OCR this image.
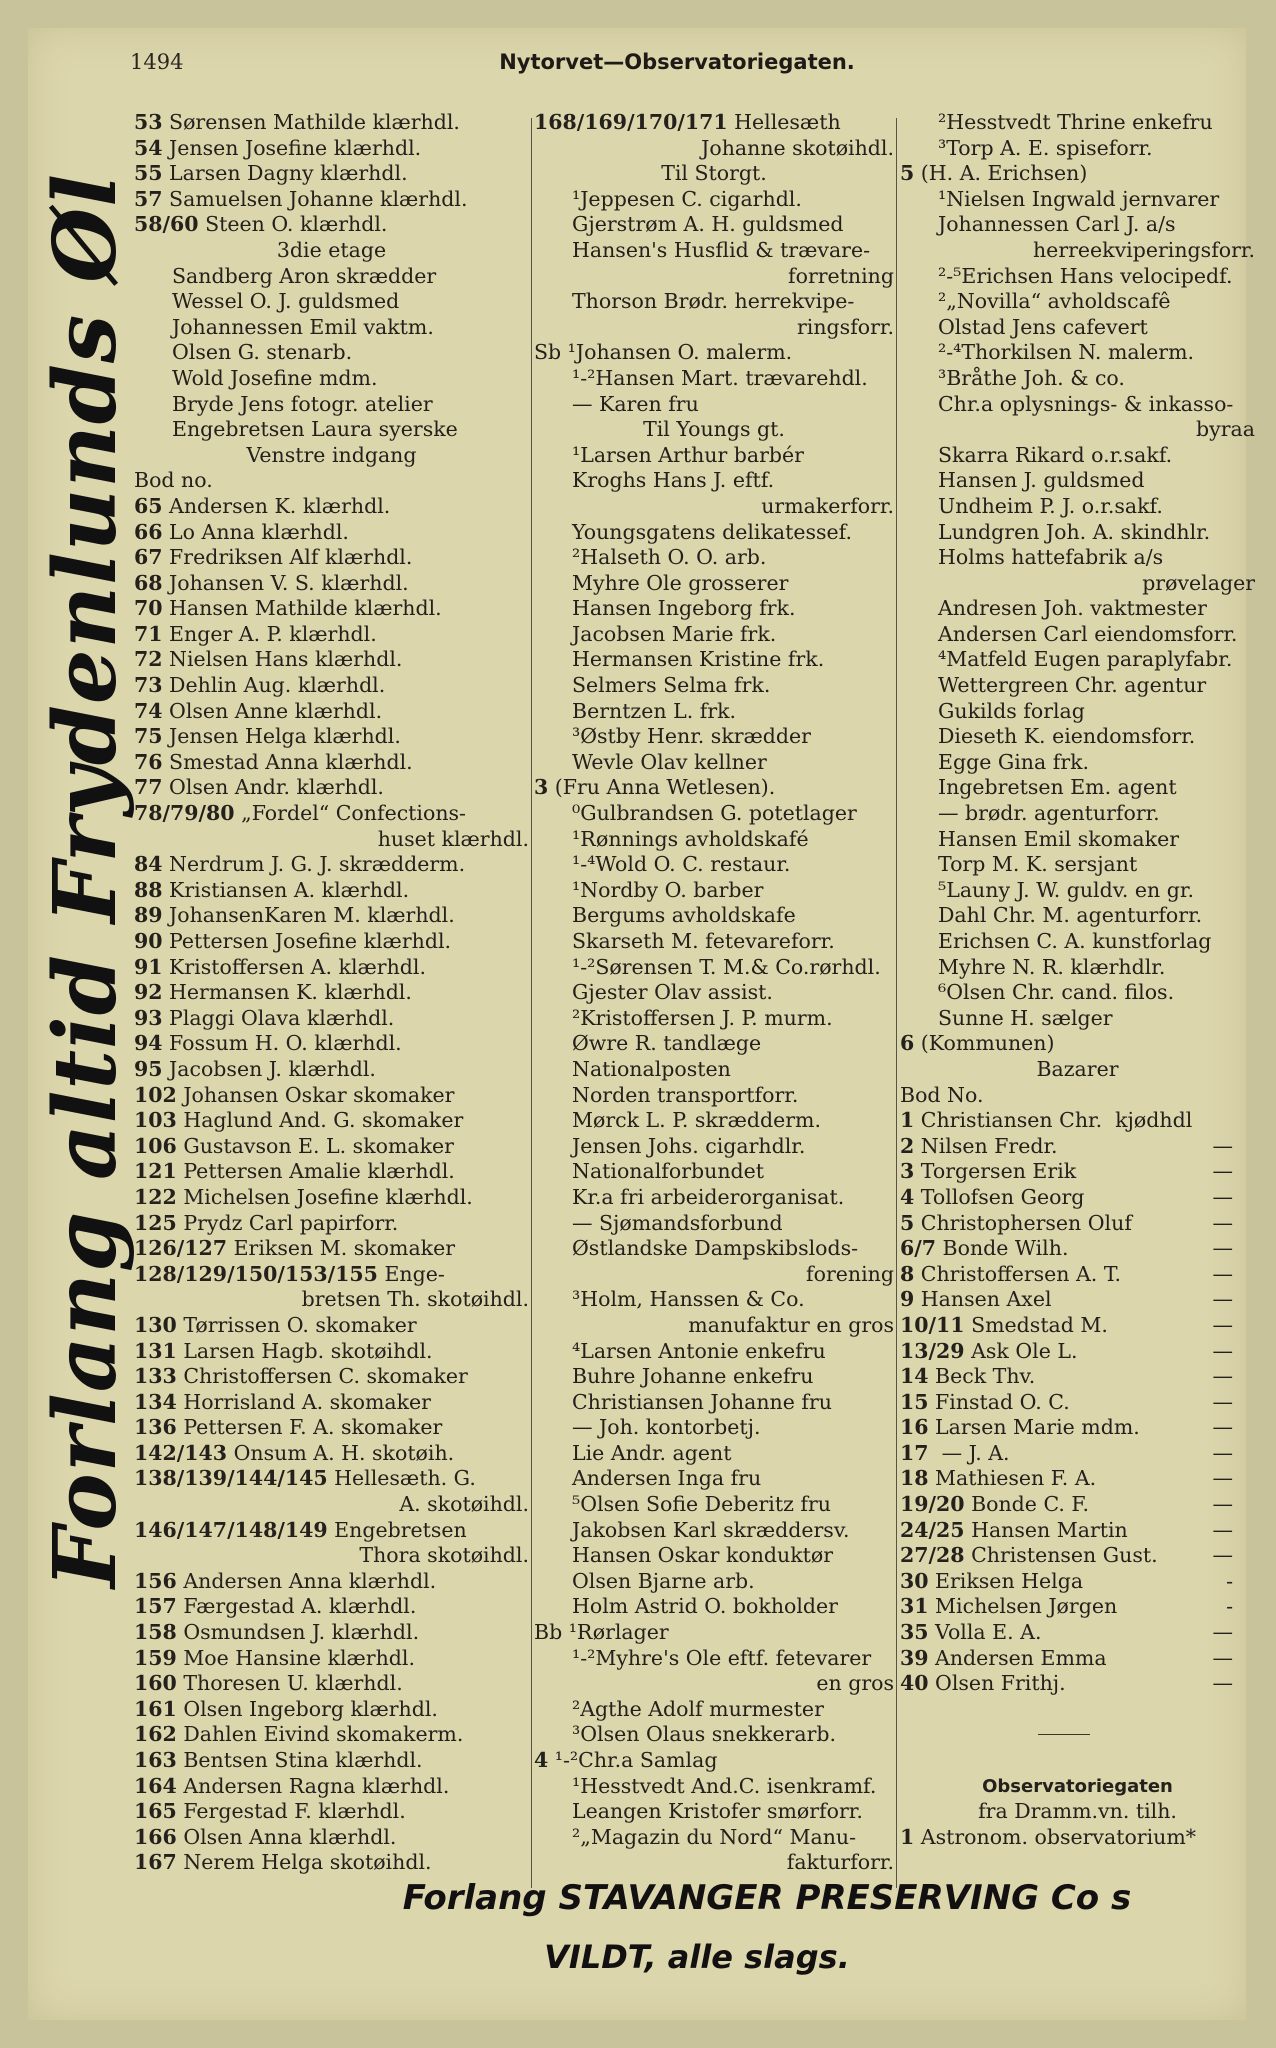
1494	Nytorvet—Observatoriegaten.
Forlang altid Frydenlunds Øl
53 Sørensen Mathilde klærhdl.
54 Jensen Josefine klærhdl.
55 Larsen Dagny klærhdl.
57 Samuelsen Johanne klærhdl.
58/60 Steen O. klærhdl.
3die etage
Sandberg Aron skrædder
Wessel O. J. guldsmed
Johannessen Emil vaktm.
Olsen G. stenarb.
Wold Josefine mdm.
Bryde Jens fotogr. atelier
Engebretsen Laura syerske
Venstre indgang
Bod no.
65 Andersen K. klærhdl.
66 Lo Anna klærhdl.
67 Fredriksen Alf klærhdl.
68 Johansen V. S. klærhdl.
70 Hansen Mathilde klærhdl.
71 Enger A. P. klærhdl.
72 Nielsen Hans klærhdl.
73 Dehlin Aug. klærhdl.
74 Olsen Anne klærhdl.
75 Jensen Helga klærhdl.
76 Smestad Anna klærhdl.
77 Olsen Andr. klærhdl.
78/79/80 „Fordel“ Confections-
huset klærhdl.
84 Nerdrum J. G. J. skrædderm.
88 Kristiansen A. klærhdl.
89 JohansenKaren M. klærhdl.
90 Pettersen Josefine klærhdl.
91 Kristoffersen A. klærhdl.
92 Hermansen K. klærhdl.
93 Plaggi Olava klærhdl.
94 Fossum H. O. klærhdl.
95 Jacobsen J. klærhdl.
102 Johansen Oskar skomaker
103 Haglund And. G. skomaker
106 Gustavson E. L. skomaker
121 Pettersen Amalie klærhdl.
122 Michelsen Josefine klærhdl.
125 Prydz Carl papirforr.
126/127 Eriksen M. skomaker
128/129/150/153/155 Enge-
bretsen Th. skotøihdl.
130 Tørrissen O. skomaker
131 Larsen Hagb. skotøihdl.
133 Christoffersen C. skomaker
134 Horrisland A. skomaker
136 Pettersen F. A. skomaker
142/143 Onsum A. H. skotøih.
138/139/144/145 Hellesæth. G.
A. skotøihdl.
146/147/148/149 Engebretsen
Thora skotøihdl.
156 Andersen Anna klærhdl.
157 Færgestad A. klærhdl.
158 Osmundsen J. klærhdl.
159 Moe Hansine klærhdl.
160 Thoresen U. klærhdl.
161 Olsen Ingeborg klærhdl.
162 Dahlen Eivind skomakerm.
163 Bentsen Stina klærhdl.
164 Andersen Ragna klærhdl.
165 Fergestad F. klærhdl.
166 Olsen Anna klærhdl.
167 Nerem Helga skotøihdl.
168/169/170/171 Hellesæth
Johanne skotøihdl.
Til Storgt.
¹Jeppesen C. cigarhdl.
Gjerstrøm A. H. guldsmed
Hansen's Husflid & trævare-
forretning
Thorson Brødr. herrekvipe-
ringsforr.
Sb ¹Johansen O. malerm.
¹-²Hansen Mart. trævarehdl.
— Karen fru
Til Youngs gt.
¹Larsen Arthur barbér
Kroghs Hans J. eftf.
urmakerforr.
Youngsgatens delikatessef.
²Halseth O. O. arb.
Myhre Ole grosserer
Hansen Ingeborg frk.
Jacobsen Marie frk.
Hermansen Kristine frk.
Selmers Selma frk.
Berntzen L. frk.
³Østby Henr. skrædder
Wevle Olav kellner
3 (Fru Anna Wetlesen).
⁰Gulbrandsen G. potetlager
¹Rønnings avholdskafé
¹-⁴Wold O. C. restaur.
¹Nordby O. barber
Bergums avholdskafe
Skarseth M. fetevareforr.
¹-²Sørensen T. M.& Co.rørhdl.
Gjester Olav assist.
²Kristoffersen J. P. murm.
Øwre R. tandlæge
Nationalposten
Norden transportforr.
Mørck L. P. skrædderm.
Jensen Johs. cigarhdlr.
Nationalforbundet
Kr.a fri arbeiderorganisat.
— Sjømandsforbund
Østlandske Dampskibslods-
forening
³Holm, Hanssen & Co.
manufaktur en gros
⁴Larsen Antonie enkefru
Buhre Johanne enkefru
Christiansen Johanne fru
— Joh. kontorbetj.
Lie Andr. agent
Andersen Inga fru
⁵Olsen Sofie Deberitz fru
Jakobsen Karl skræddersv.
Hansen Oskar konduktør
Olsen Bjarne arb.
Holm Astrid O. bokholder
Bb ¹Rørlager
¹-²Myhre's Ole eftf. fetevarer
en gros
²Agthe Adolf murmester
³Olsen Olaus snekkerarb.
4 ¹-²Chr.a Samlag
¹Hesstvedt And.C. isenkramf.
Leangen Kristofer smørforr.
²„Magazin du Nord“ Manu-
fakturforr.
²Hesstvedt Thrine enkefru
³Torp A. E. spiseforr.
5 (H. A. Erichsen)
¹Nielsen Ingwald jernvarer
Johannessen Carl J. a/s
herreekviperingsforr.
²-⁵Erichsen Hans velocipedf.
²„Novilla“ avholdscafê
Olstad Jens cafevert
²-⁴Thorkilsen N. malerm.
³Bråthe Joh. & co.
Chr.a oplysnings- & inkasso-
byraa
Skarra Rikard o.r.sakf.
Hansen J. guldsmed
Undheim P. J. o.r.sakf.
Lundgren Joh. A. skindhlr.
Holms hattefabrik a/s
prøvelager
Andresen Joh. vaktmester
Andersen Carl eiendomsforr.
⁴Matfeld Eugen paraplyfabr.
Wettergreen Chr. agentur
Gukilds forlag
Dieseth K. eiendomsforr.
Egge Gina frk.
Ingebretsen Em. agent
— brødr. agenturforr.
Hansen Emil skomaker
Torp M. K. sersjant
⁵Launy J. W. guldv. en gr.
Dahl Chr. M. agenturforr.
Erichsen C. A. kunstforlag
Myhre N. R. klærhdlr.
⁶Olsen Chr. cand. filos.
Sunne H. sælger
6 (Kommunen)
Bazarer
Bod No.
1 Christiansen Chr.  kjødhdl
2 Nilsen Fredr.	—
3 Torgersen Erik	—
4 Tollofsen Georg	—
5 Christophersen Oluf	—
6/7 Bonde Wilh.	—
8 Christoffersen A. T.	—
9 Hansen Axel	—
10/11 Smedstad M.	—
13/29 Ask Ole L.	—
14 Beck Thv.	—
15 Finstad O. C.	—
16 Larsen Marie mdm.	—
17  — J. A.	—
18 Mathiesen F. A.	—
19/20 Bonde C. F.	—
24/25 Hansen Martin	—
27/28 Christensen Gust.	—
30 Eriksen Helga	-
31 Michelsen Jørgen	-
35 Volla E. A.	—
39 Andersen Emma	—
40 Olsen Frithj.	—
Observatoriegaten
fra Dramm.vn. tilh.
1 Astronom. observatorium*
Forlang STAVANGER PRESERVING Co s
VILDT, alle slags.
